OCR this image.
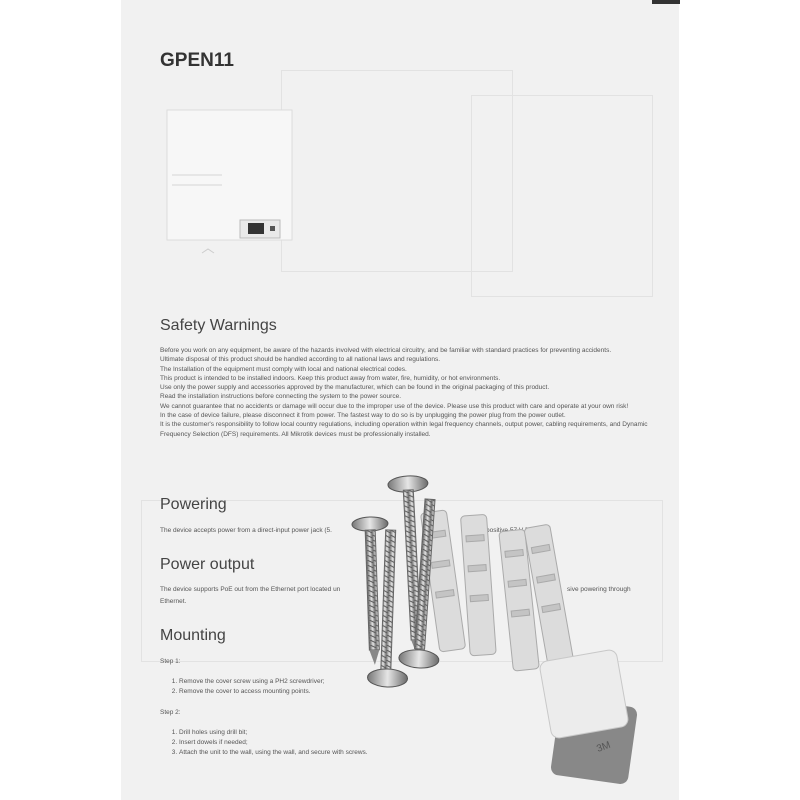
GPEN11
Safety Warnings
Before you work on any equipment, be aware of the hazards involved with electrical circuitry, and be familiar with standard practices for preventing accidents.
Ultimate disposal of this product should be handled according to all national laws and regulations.
The Installation of the equipment must comply with local and national electrical codes.
This product is intended to be installed indoors. Keep this product away from water, fire, humidity, or hot environments.
Use only the power supply and accessories approved by the manufacturer, which can be found in the original packaging of this product.
Read the installation instructions before connecting the system to the power source.
We cannot guarantee that no accidents or damage will occur due to the improper use of the device. Please use this product with care and operate at your own risk!
In the case of device failure, please disconnect it from power. The fastest way to do so is by unplugging the power plug from the power outlet.
It is the customer's responsibility to follow local country regulations, including operation within legal frequency channels, output power, cabling requirements, and Dynamic Frequency Selection (DFS) requirements. All Mikrotik devices must be professionally installed.
Powering
The device accepts power from a direct-input power jack (5.	positive
Power output
The device supports PoE out from the Ethernet port located un	sive powering through
Ethernet.
Mounting
Step 1:
1. Remove the cover screw using a PH2 screwdriver;
2. Remove the cover to access mounting points.
Step 2:
1. Drill holes using drill bit;
2. Insert dowels if needed;
3. Attach the unit to the wall, using the wall, and secure with screws.	3M
